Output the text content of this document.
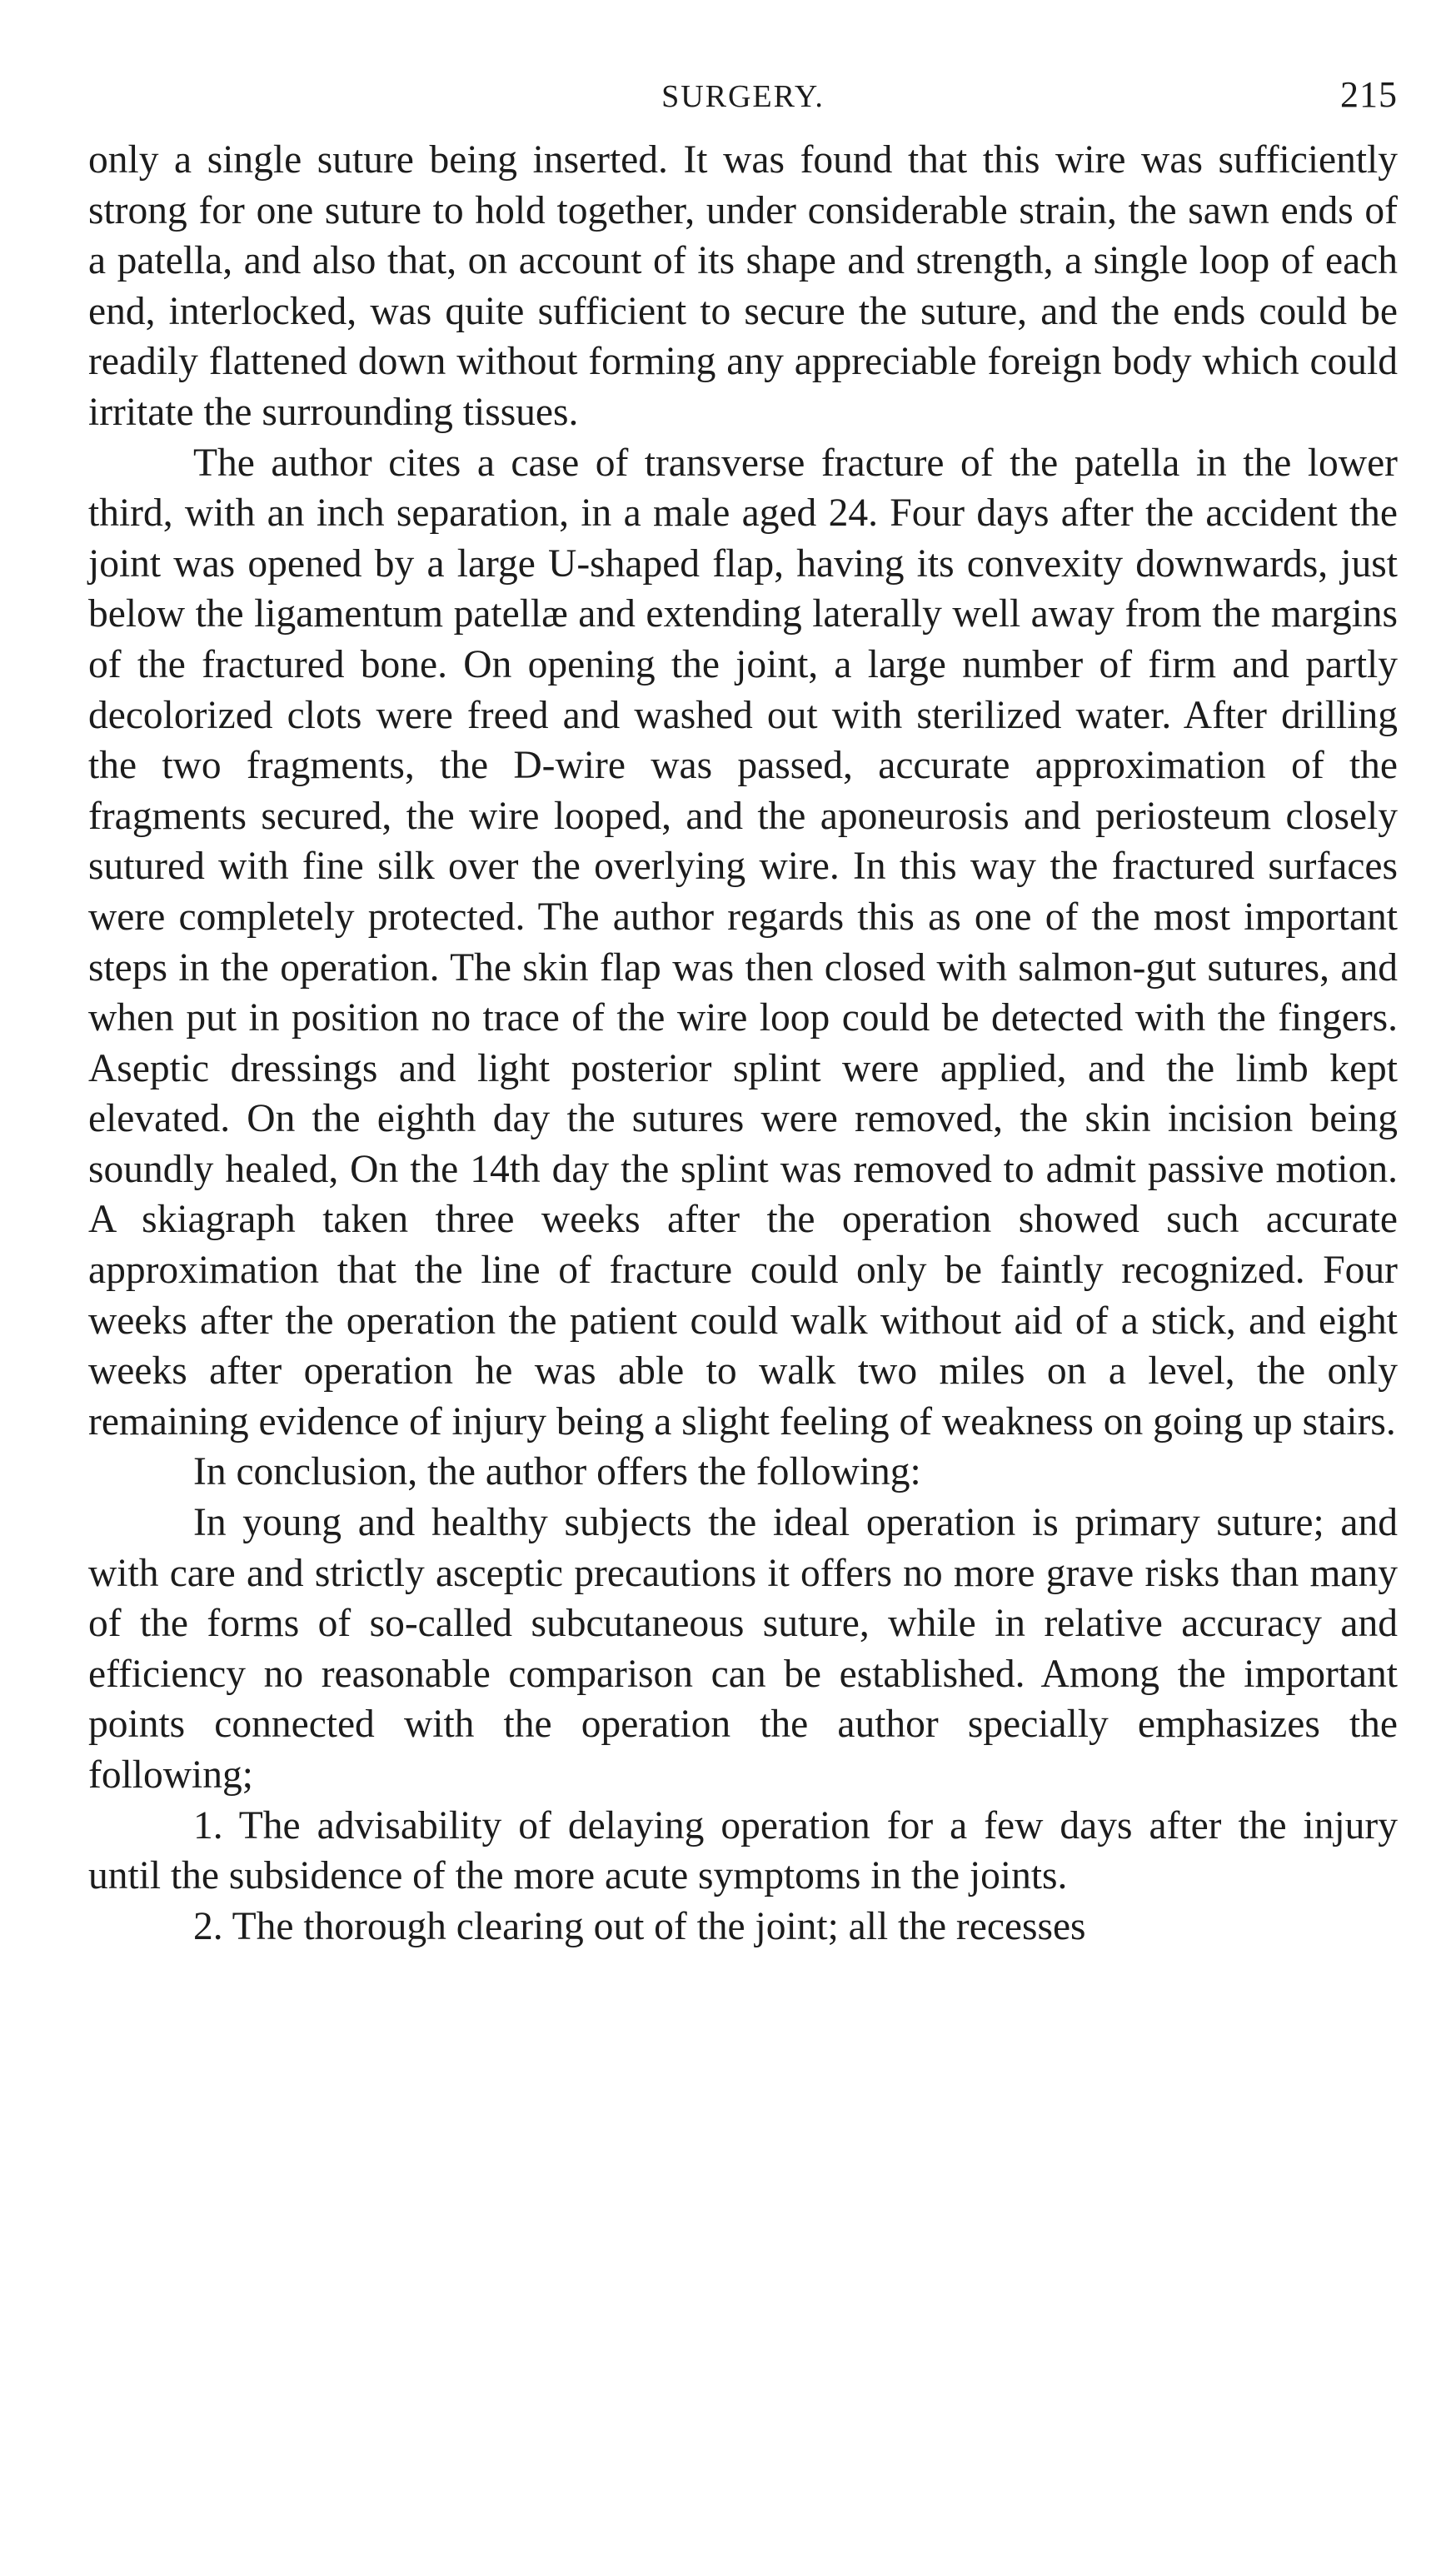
SURGERY.	215

only a single suture being inserted. It was found that this wire was sufficiently strong for one suture to hold together, under considerable strain, the sawn ends of a patella, and also that, on account of its shape and strength, a single loop of each end, interlocked, was quite sufficient to secure the suture, and the ends could be readily flattened down without forming any appreciable foreign body which could irritate the surrounding tissues.

The author cites a case of transverse fracture of the patella in the lower third, with an inch separation, in a male aged 24. Four days after the accident the joint was opened by a large U-shaped flap, having its convexity downwards, just below the ligamentum patellæ and extending laterally well away from the margins of the fractured bone. On opening the joint, a large number of firm and partly decolorized clots were freed and washed out with sterilized water. After drilling the two fragments, the D-wire was passed, accurate approximation of the fragments secured, the wire looped, and the aponeurosis and periosteum closely sutured with fine silk over the overlying wire. In this way the fractured surfaces were completely protected. The author regards this as one of the most important steps in the operation. The skin flap was then closed with salmon-gut sutures, and when put in position no trace of the wire loop could be detected with the fingers. Aseptic dressings and light posterior splint were applied, and the limb kept elevated. On the eighth day the sutures were removed, the skin incision being soundly healed, On the 14th day the splint was removed to admit passive motion. A skiagraph taken three weeks after the operation showed such accurate approximation that the line of fracture could only be faintly recognized. Four weeks after the operation the patient could walk without aid of a stick, and eight weeks after operation he was able to walk two miles on a level, the only remaining evidence of injury being a slight feeling of weakness on going up stairs.

In conclusion, the author offers the following:

In young and healthy subjects the ideal operation is primary suture; and with care and strictly asceptic precautions it offers no more grave risks than many of the forms of so-called subcutaneous suture, while in relative accuracy and efficiency no reasonable comparison can be established. Among the important points connected with the operation the author specially emphasizes the following;

1. The advisability of delaying operation for a few days after the injury until the subsidence of the more acute symptoms in the joints.

2. The thorough clearing out of the joint; all the recesses
